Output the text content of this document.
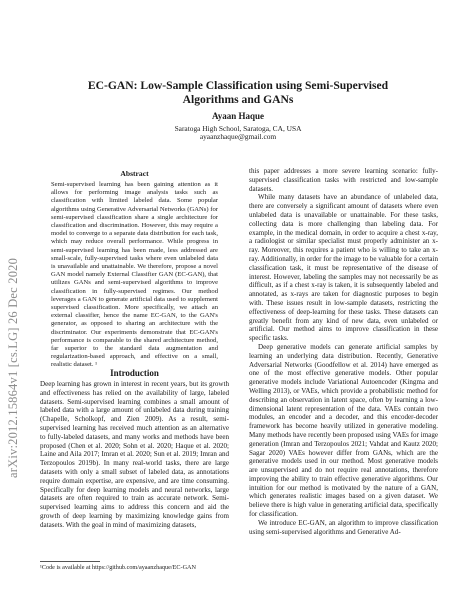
arXiv:2012.15864v1 [cs.LG] 26 Dec 2020
EC-GAN: Low-Sample Classification using Semi-Supervised
Algorithms and GANs
Ayaan Haque
Saratoga High School, Saratoga, CA, USA
ayaanzhaque@gmail.com
Abstract
Semi-supervised learning has been gaining attention as it allows for performing image analysis tasks such as classification with limited labeled data. Some popular algorithms using Generative Adversarial Networks (GANs) for semi-supervised classification share a single architecture for classification and discrimination. However, this may require a model to converge to a separate data distribution for each task, which may reduce overall performance. While progress in semi-supervised learning has been made, less addressed are small-scale, fully-supervised tasks where even unlabeled data is unavailable and unattainable. We therefore, propose a novel GAN model namely External Classifier GAN (EC-GAN), that utilizes GANs and semi-supervised algorithms to improve classification in fully-supervised regimes. Our method leverages a GAN to generate artificial data used to supplement supervised classification. More specifically, we attach an external classifier, hence the name EC-GAN, to the GAN's generator, as opposed to sharing an architecture with the discriminator. Our experiments demonstrate that EC-GAN's performance is comparable to the shared architecture method, far superior to the standard data augmentation and regularization-based approach, and effective on a small, realistic dataset. ¹
Introduction

Deep learning has grown in interest in recent years, but its growth and effectiveness has relied on the availability of large, labeled datasets. Semi-supervised learning combines a small amount of labeled data with a large amount of unlabeled data during training (Chapelle, Scholkopf, and Zien 2009). As a result, semi-supervised learning has received much attention as an alternative to fully-labeled datasets, and many works and methods have been proposed (Chen et al. 2020; Sohn et al. 2020; Haque et al. 2020; Laine and Aila 2017; Imran et al. 2020; Sun et al. 2019; Imran and Terzopoulos 2019b). In many real-world tasks, there are large datasets with only a small subset of labeled data, as annotations require domain expertise, are expensive, and are time consuming. Specifically for deep learning models and neural networks, large datasets are often required to train as accurate network. Semi-supervised learning aims to address this concern and aid the growth of deep learning by maximizing knowledge gains from datasets. With the goal in mind of maximizing datasets,

¹Code is available at https://github.com/ayaanzhaque/EC-GAN

this paper addresses a more severe learning scenario: fully-supervised classification tasks with restricted and low-sample datasets.

While many datasets have an abundance of unlabeled data, there are conversely a significant amount of datasets where even unlabeled data is unavailable or unattainable. For these tasks, collecting data is more challenging than labeling data. For example, in the medical domain, in order to acquire a chest x-ray, a radiologist or similar specialist must properly administer an x-ray. Moreover, this requires a patient who is willing to take an x-ray. Additionally, in order for the image to be valuable for a certain classification task, it must be representative of the disease of interest. However, labeling the samples may not necessarily be as difficult, as if a chest x-ray is taken, it is subsequently labeled and annotated, as x-rays are taken for diagnostic purposes to begin with. These issues result in low-sample datasets, restricting the effectiveness of deep-learning for these tasks. These datasets can greatly benefit from any kind of new data, even unlabeled or artificial. Our method aims to improve classification in these specific tasks.

Deep generative models can generate artificial samples by learning an underlying data distribution. Recently, Generative Adversarial Networks (Goodfellow et al. 2014) have emerged as one of the most effective generative models. Other popular generative models include Variational Autoencoder (Kingma and Welling 2013), or VAEs, which provide a probabilistic method for describing an observation in latent space, often by learning a low-dimensional latent representation of the data. VAEs contain two modules, an encoder and a decoder, and this encoder-decoder framework has become heavily utilized in generative modeling. Many methods have recently been proposed using VAEs for image generation (Imran and Terzopoulos 2021; Vahdat and Kautz 2020; Sagar 2020) VAEs however differ from GANs, which are the generative models used in our method. Most generative models are unsupervised and do not require real annotations, therefore improving the ability to train effective generative algorithms. Our intuition for our method is motivated by the nature of a GAN, which generates realistic images based on a given dataset. We believe there is high value in generating artificial data, specifically for classification.

We introduce EC-GAN, an algorithm to improve classification using semi-supervised algorithms and Generative Ad-
